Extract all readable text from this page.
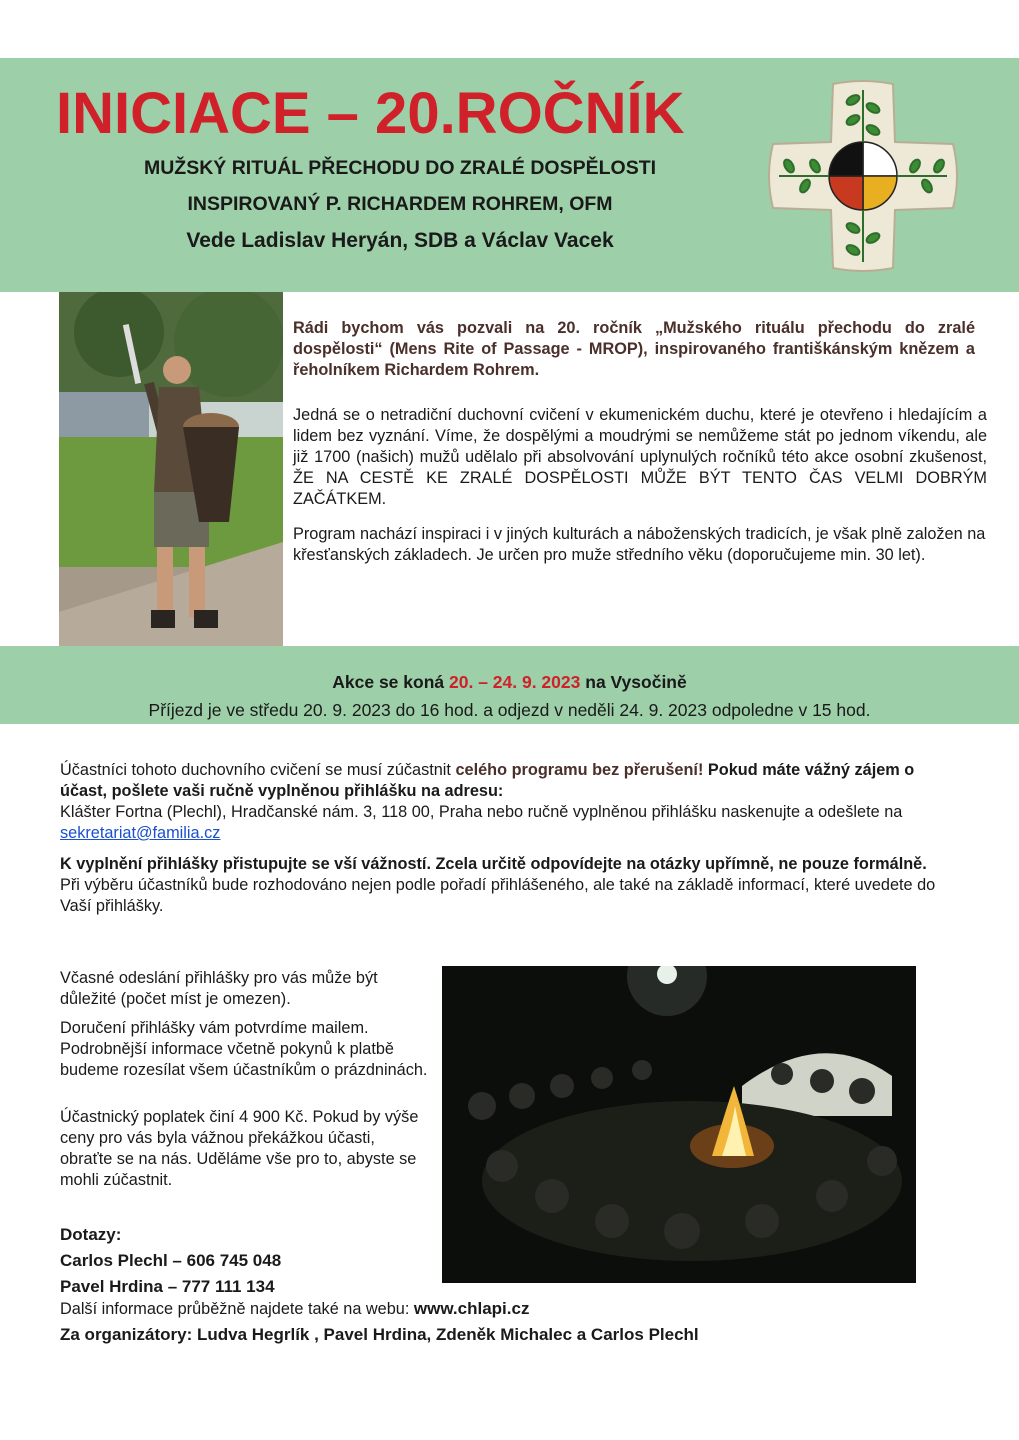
INICIACE – 20.ROČNÍK
MUŽSKÝ RITUÁL PŘECHODU DO ZRALÉ DOSPĚLOSTI
INSPIROVANÝ P. RICHARDEM ROHREM, OFM
Vede Ladislav Heryán, SDB a Václav Vacek

Rádi bychom vás pozvali na 20. ročník „Mužského rituálu přechodu do zralé dospělosti“ (Mens Rite of Passage - MROP), inspirovaného františkánským knězem a řeholníkem Richardem Rohrem.

Jedná se o netradiční duchovní cvičení v ekumenickém duchu, které je otevřeno i hledajícím a lidem bez vyznání. Víme, že dospělými a moudrými se nemůžeme stát po jednom víkendu, ale již 1700 (našich) mužů udělalo při absolvování uplynulých ročníků této akce osobní zkušenost, ŽE NA CESTĚ KE ZRALÉ DOSPĚLOSTI MŮŽE BÝT TENTO ČAS VELMI DOBRÝM ZAČÁTKEM.

Program nachází inspiraci i v jiných kulturách a náboženských tradicích, je však plně založen na křesťanských základech. Je určen pro muže středního věku (doporučujeme min. 30 let).

Akce se koná 20. – 24. 9. 2023 na Vysočině
Příjezd je ve středu 20. 9. 2023 do 16 hod. a odjezd v neděli 24. 9. 2023 odpoledne v 15 hod.

Účastníci tohoto duchovního cvičení se musí zúčastnit celého programu bez přerušení! Pokud máte vážný zájem o účast, pošlete vaši ručně vyplněnou přihlášku na adresu:
Klášter Fortna (Plechl), Hradčanské nám. 3, 118 00, Praha nebo ručně vyplněnou přihlášku naskenujte a odešlete na sekretariat@familia.cz

K vyplnění přihlášky přistupujte se vší vážností. Zcela určitě odpovídejte na otázky upřímně, ne pouze formálně. Při výběru účastníků bude rozhodováno nejen podle pořadí přihlášeného, ale také na základě informací, které uvedete do Vaší přihlášky.

Včasné odeslání přihlášky pro vás může být důležité (počet míst je omezen).

Doručení přihlášky vám potvrdíme mailem. Podrobnější informace včetně pokynů k platbě budeme rozesílat všem účastníkům o prázdninách.

Účastnický poplatek činí 4 900 Kč. Pokud by výše ceny pro vás byla vážnou překážkou účasti, obraťte se na nás. Uděláme vše pro to, abyste se mohli zúčastnit.

Dotazy:
Carlos Plechl – 606 745 048
Pavel Hrdina – 777 111 134
Další informace průběžně najdete také na webu: www.chlapi.cz
Za organizátory: Ludva Hegrlík , Pavel Hrdina, Zdeněk Michalec a Carlos Plechl
